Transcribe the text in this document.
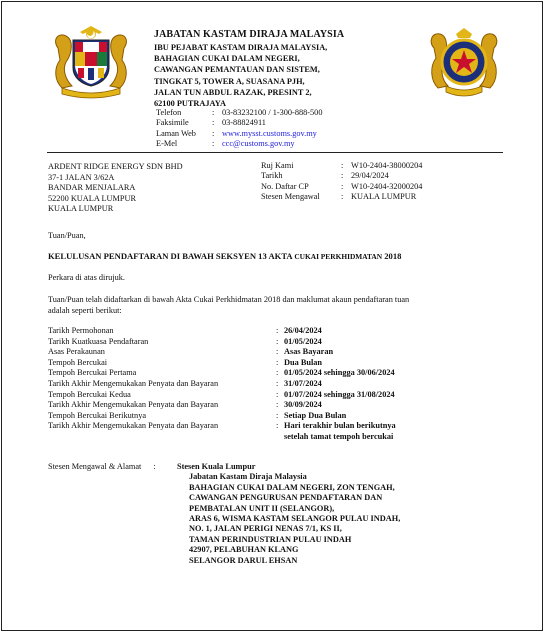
JABATAN KASTAM DIRAJA MALAYSIA
IBU PEJABAT KASTAM DIRAJA MALAYSIA,
BAHAGIAN CUKAI DALAM NEGERI,
CAWANGAN PEMANTAUAN DAN SISTEM,
TINGKAT 5, TOWER A, SUASANA PJH,
JALAN TUN ABDUL RAZAK, PRESINT 2,
62100 PUTRAJAYA
Telefon	: 03-83232100 / 1-300-888-500
Faksimile	: 03-88824911
Laman Web	: www.mysst.customs.gov.my
E-Mel	: ccc@customs.gov.my
ARDENT RIDGE ENERGY SDN BHD
37-1 JALAN 3/62A
BANDAR MENJALARA
52200 KUALA LUMPUR
KUALA LUMPUR
Ruj Kami	: W10-2404-38000204
Tarikh	: 29/04/2024
No. Daftar CP	: W10-2404-32000204
Stesen Mengawal	: KUALA LUMPUR
Tuan/Puan,
KELULUSAN PENDAFTARAN DI BAWAH SEKSYEN 13 AKTA CUKAI PERKHIDMATAN 2018
Perkara di atas dirujuk.
Tuan/Puan telah didaftarkan di bawah Akta Cukai Perkhidmatan 2018 dan maklumat akaun pendaftaran tuan
adalah seperti berikut:
Tarikh Permohonan	: 26/04/2024
Tarikh Kuatkuasa Pendaftaran	: 01/05/2024
Asas Perakaunan	: Asas Bayaran
Tempoh Bercukai	: Dua Bulan
Tempoh Bercukai Pertama	: 01/05/2024 sehingga 30/06/2024
Tarikh Akhir Mengemukakan Penyata dan Bayaran	: 31/07/2024
Tempoh Bercukai Kedua	: 01/07/2024 sehingga 31/08/2024
Tarikh Akhir Mengemukakan Penyata dan Bayaran	: 30/09/2024
Tempoh Bercukai Berikutnya	: Setiap Dua Bulan
Tarikh Akhir Mengemukakan Penyata dan Bayaran	: Hari terakhir bulan berikutnya
setelah tamat tempoh bercukai
Stesen Mengawal & Alamat :	Stesen Kuala Lumpur
Jabatan Kastam Diraja Malaysia
BAHAGIAN CUKAI DALAM NEGERI, ZON TENGAH,
CAWANGAN PENGURUSAN PENDAFTARAN DAN
PEMBATALAN UNIT II (SELANGOR),
ARAS 6, WISMA KASTAM SELANGOR PULAU INDAH,
NO. 1, JALAN PERIGI NENAS 7/1, KS II,
TAMAN PERINDUSTRIAN PULAU INDAH
42907, PELABUHAN KLANG
SELANGOR DARUL EHSAN
